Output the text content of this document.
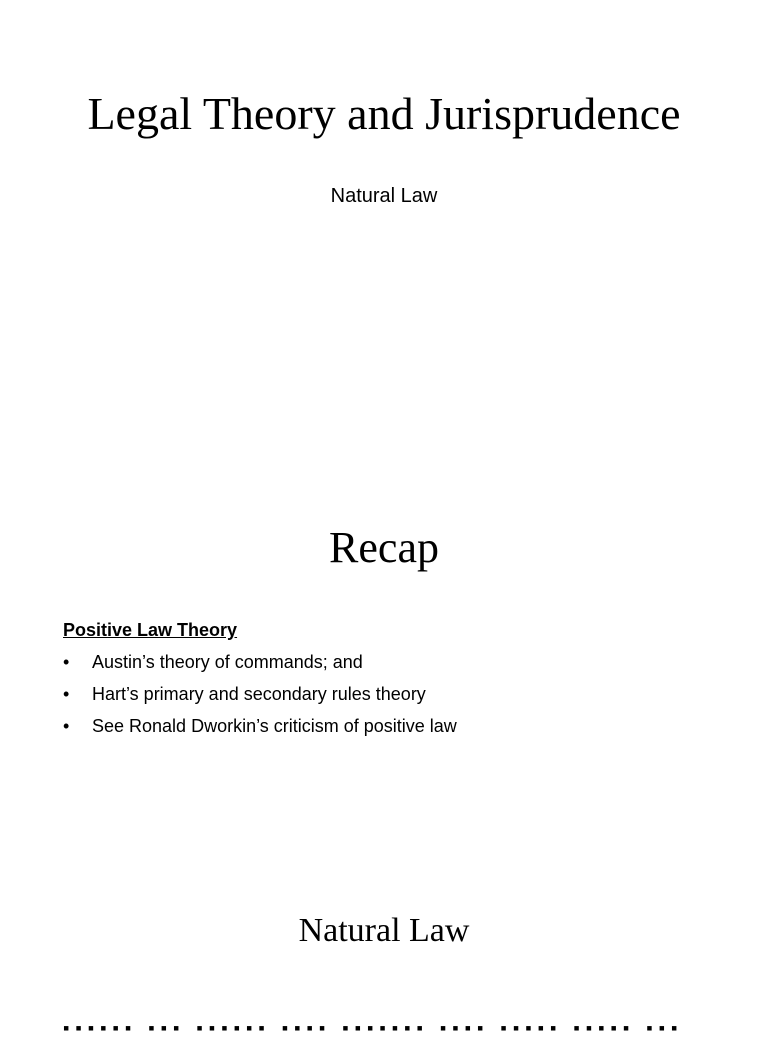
Legal Theory and Jurisprudence

Natural Law

Recap

Positive Law Theory

• Austin’s theory of commands; and
• Hart’s primary and secondary rules theory
• See Ronald Dworkin’s criticism of positive law
Natural Law
▪▪▪▪▪▪ ▪▪▪ ▪▪▪▪▪▪ ▪▪▪▪ ▪▪▪▪▪▪▪ ▪▪▪▪ ▪▪▪▪▪ ▪▪▪▪▪ ▪▪▪
